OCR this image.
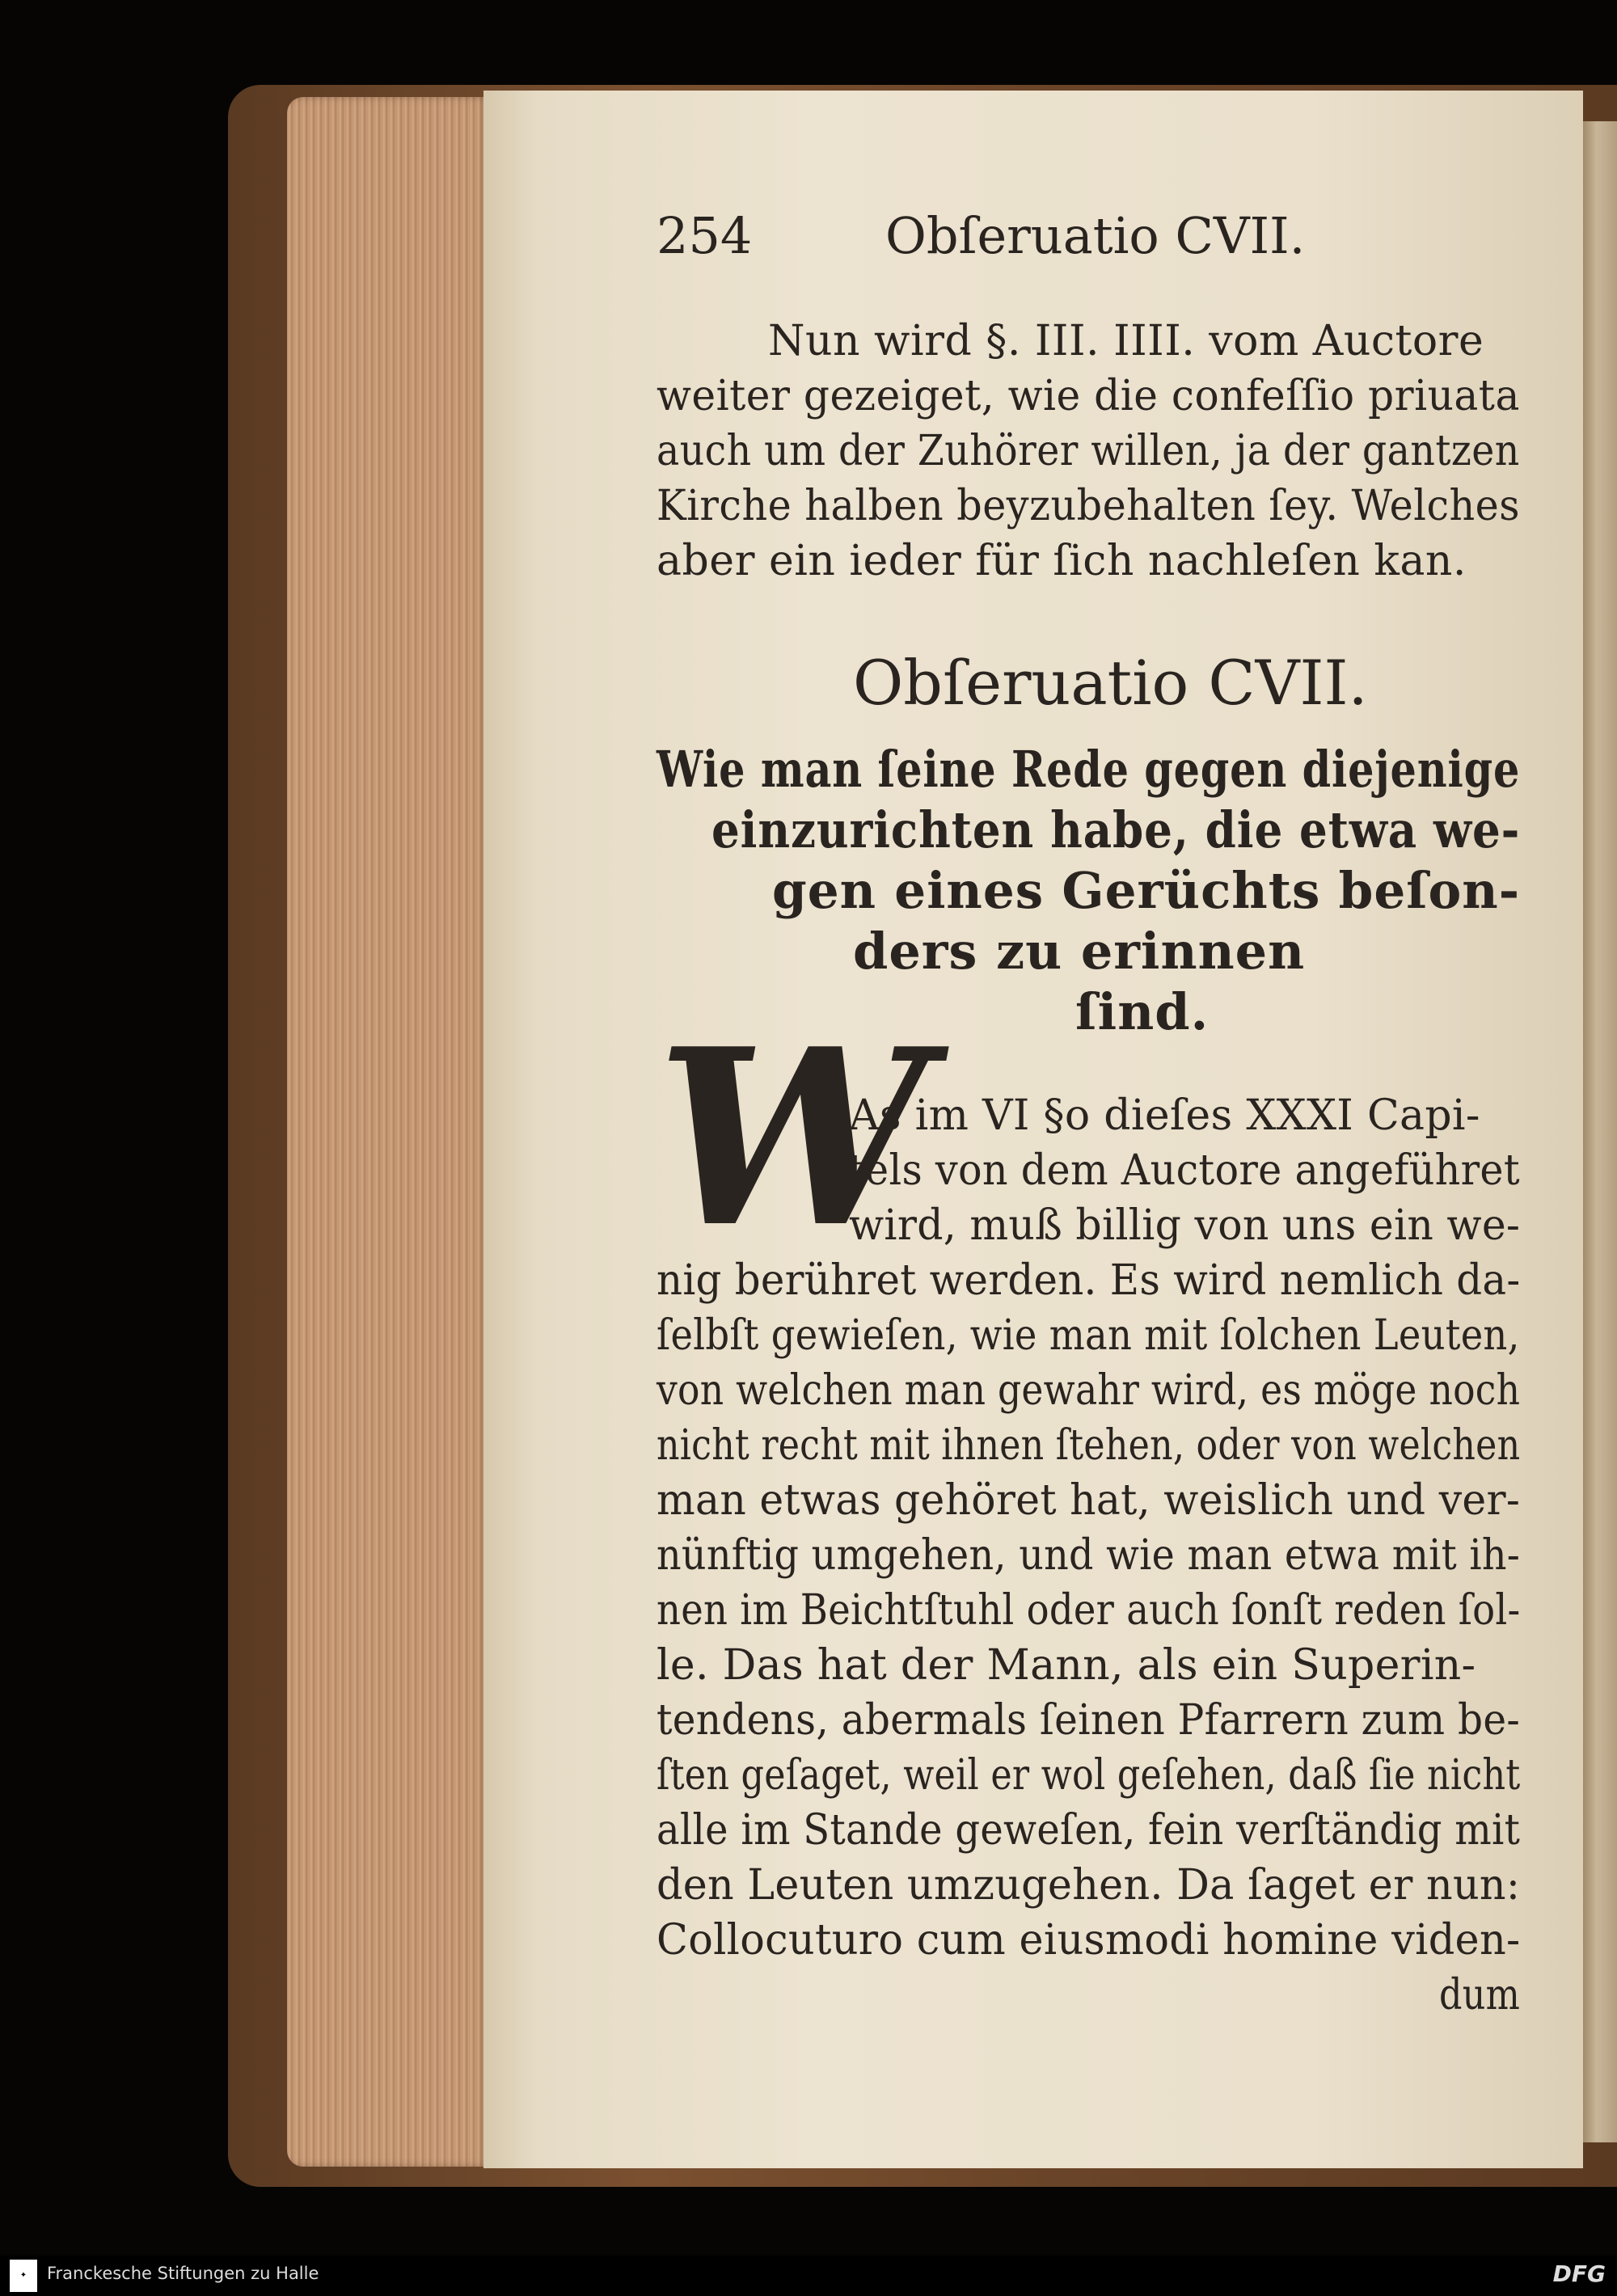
254	Obſeruatio CVII.
Nun wird §. III. IIII. vom Auctore
weiter gezeiget, wie die confeſſio priuata
auch um der Zuhörer willen, ja der gantzen
Kirche halben beyzubehalten ſey. Welches
aber ein ieder für ſich nachleſen kan.
Obſeruatio CVII.
Wie man ſeine Rede gegen diejenige
einzurichten habe, die etwa we-
gen eines Gerüchts beſon-
ders zu erinnen
ſind.
W
As im VI §o dieſes XXXI Capi-
tels von dem Auctore angeführet
wird, muß billig von uns ein we-
nig berühret werden. Es wird nemlich da-
ſelbſt gewieſen, wie man mit ſolchen Leuten,
von welchen man gewahr wird, es möge noch
nicht recht mit ihnen ſtehen, oder von welchen
man etwas gehöret hat, weislich und ver-
nünftig umgehen, und wie man etwa mit ih-
nen im Beichtſtuhl oder auch ſonſt reden ſol-
le. Das hat der Mann, als ein Superin-
tendens, abermals ſeinen Pfarrern zum be-
ſten geſaget, weil er wol geſehen, daß ſie nicht
alle im Stande geweſen, fein verſtändig mit
den Leuten umzugehen. Da ſaget er nun:
Collocuturo cum eiusmodi homine viden-
dum
✦	Franckesche Stiftungen zu Halle	DFG
